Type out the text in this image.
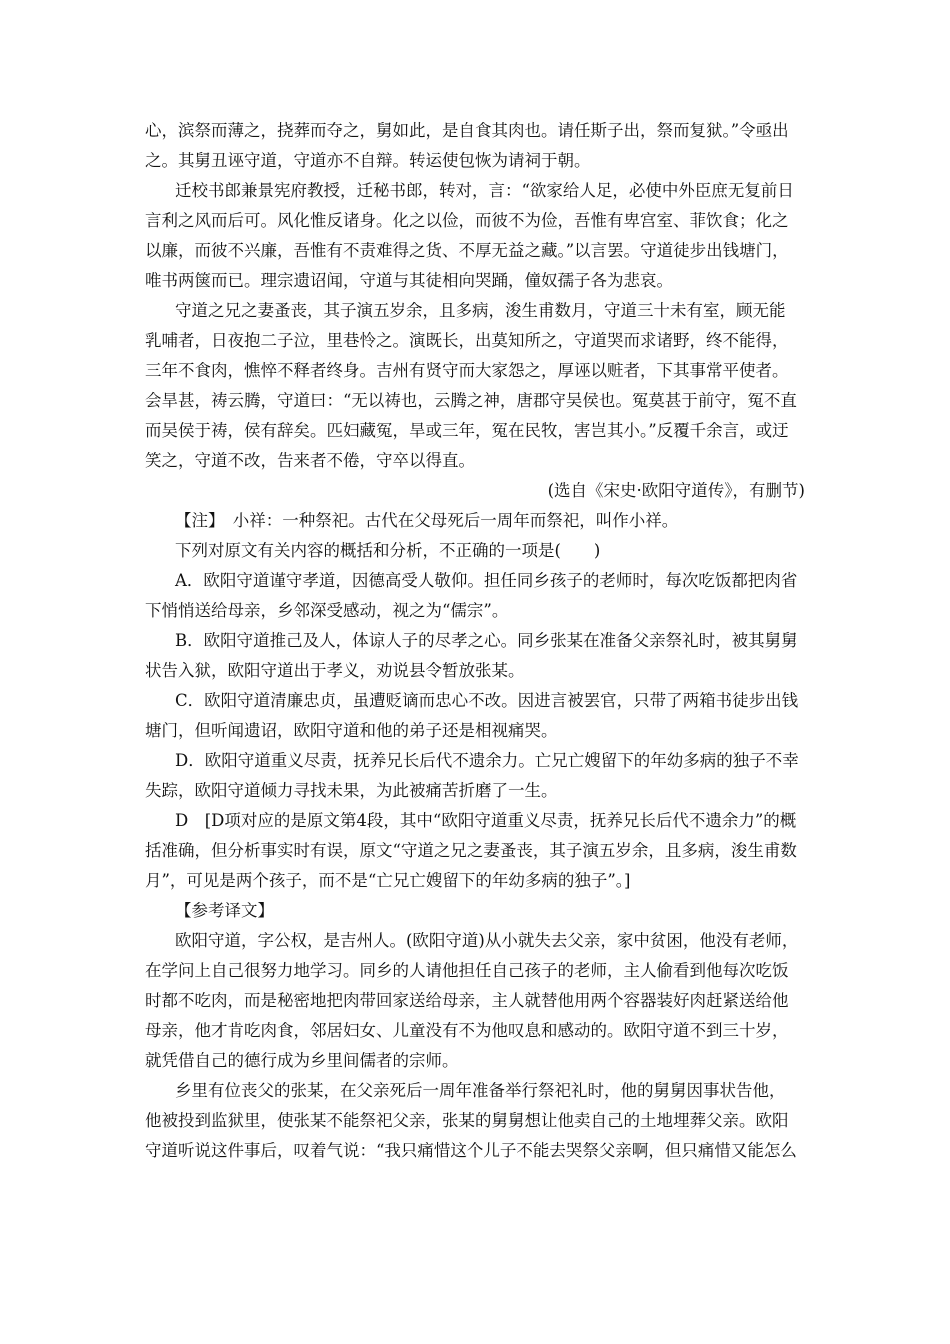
心，滨祭而薄之，挠葬而夺之，舅如此，是自食其肉也。请任斯子出，祭而复狱。”令亟出
之。其舅丑诬守道，守道亦不自辩。转运使包恢为请祠于朝。
迁校书郎兼景宪府教授，迁秘书郎，转对，言：“欲家给人足，必使中外臣庶无复前日
言利之风而后可。风化惟反诸身。化之以俭，而彼不为俭，吾惟有卑宫室、菲饮食；化之
以廉，而彼不兴廉，吾惟有不责难得之货、不厚无益之藏。”以言罢。守道徒步出钱塘门，
唯书两箧而已。理宗遗诏闻，守道与其徒相向哭踊，僮奴孺子各为悲哀。
守道之兄之妻蚤丧，其子演五岁余，且多病，浚生甫数月，守道三十未有室，顾无能
乳哺者，日夜抱二子泣，里巷怜之。演既长，出莫知所之，守道哭而求诸野，终不能得，
三年不食肉，憔悴不释者终身。吉州有贤守而大家怨之，厚诬以赃者，下其事常平使者。
会旱甚，祷云腾，守道曰：“无以祷也，云腾之神，唐郡守吴侯也。冤莫甚于前守，冤不直
而吴侯于祷，侯有辞矣。匹妇藏冤，旱或三年，冤在民牧，害岂其小。”反覆千余言，或迂
笑之，守道不改，告来者不倦，守卒以得直。
(选自《宋史·欧阳守道传》，有删节)
【注】　小祥：一种祭祀。古代在父母死后一周年而祭祀，叫作小祥。
下列对原文有关内容的概括和分析，不正确的一项是(　　)
A．欧阳守道谨守孝道，因德高受人敬仰。担任同乡孩子的老师时，每次吃饭都把肉省
下悄悄送给母亲，乡邻深受感动，视之为“儒宗”。
B．欧阳守道推己及人，体谅人子的尽孝之心。同乡张某在准备父亲祭礼时，被其舅舅
状告入狱，欧阳守道出于孝义，劝说县令暂放张某。
C．欧阳守道清廉忠贞，虽遭贬谪而忠心不改。因进言被罢官，只带了两箱书徒步出钱
塘门，但听闻遗诏，欧阳守道和他的弟子还是相视痛哭。
D．欧阳守道重义尽责，抚养兄长后代不遗余力。亡兄亡嫂留下的年幼多病的独子不幸
失踪，欧阳守道倾力寻找未果，为此被痛苦折磨了一生。
D　[D项对应的是原文第4段，其中“欧阳守道重义尽责，抚养兄长后代不遗余力”的概
括准确，但分析事实时有误，原文“守道之兄之妻蚤丧，其子演五岁余，且多病，浚生甫数
月”，可见是两个孩子，而不是“亡兄亡嫂留下的年幼多病的独子”。]
【参考译文】
欧阳守道，字公权，是吉州人。(欧阳守道)从小就失去父亲，家中贫困，他没有老师，
在学问上自己很努力地学习。同乡的人请他担任自己孩子的老师，主人偷看到他每次吃饭
时都不吃肉，而是秘密地把肉带回家送给母亲，主人就替他用两个容器装好肉赶紧送给他
母亲，他才肯吃肉食，邻居妇女、儿童没有不为他叹息和感动的。欧阳守道不到三十岁，
就凭借自己的德行成为乡里间儒者的宗师。
乡里有位丧父的张某，在父亲死后一周年准备举行祭祀礼时，他的舅舅因事状告他，
他被投到监狱里，使张某不能祭祀父亲，张某的舅舅想让他卖自己的土地埋葬父亲。欧阳
守道听说这件事后，叹着气说：“我只痛惜这个儿子不能去哭祭父亲啊，但只痛惜又能怎么
